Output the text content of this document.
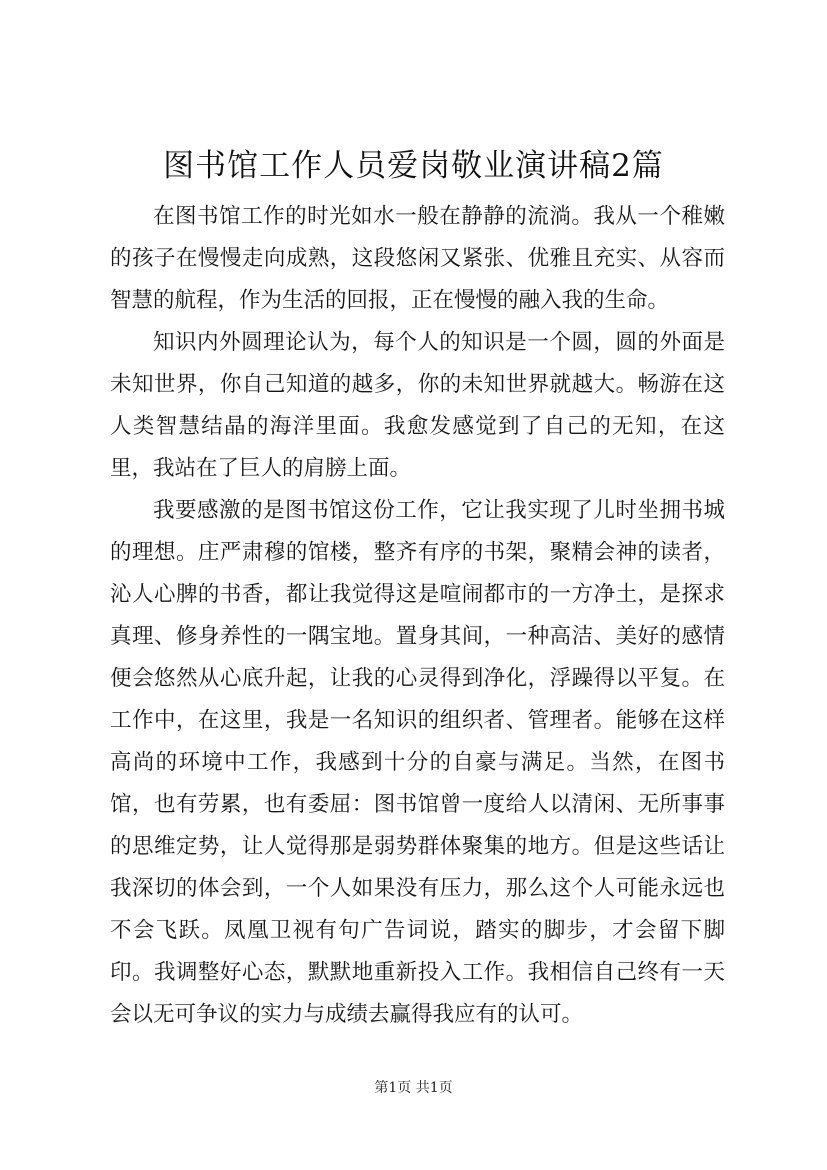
图书馆工作人员爱岗敬业演讲稿2篇

在图书馆工作的时光如水一般在静静的流淌。我从一个稚嫩的孩子在慢慢走向成熟，这段悠闲又紧张、优雅且充实、从容而智慧的航程，作为生活的回报，正在慢慢的融入我的生命。

知识内外圆理论认为，每个人的知识是一个圆，圆的外面是未知世界，你自己知道的越多，你的未知世界就越大。畅游在这人类智慧结晶的海洋里面。我愈发感觉到了自己的无知，在这里，我站在了巨人的肩膀上面。

我要感激的是图书馆这份工作，它让我实现了儿时坐拥书城的理想。庄严肃穆的馆楼，整齐有序的书架，聚精会神的读者，沁人心脾的书香，都让我觉得这是喧闹都市的一方净土，是探求真理、修身养性的一隅宝地。置身其间，一种高洁、美好的感情便会悠然从心底升起，让我的心灵得到净化，浮躁得以平复。在工作中，在这里，我是一名知识的组织者、管理者。能够在这样高尚的环境中工作，我感到十分的自豪与满足。当然，在图书馆，也有劳累，也有委屈：图书馆曾一度给人以清闲、无所事事的思维定势，让人觉得那是弱势群体聚集的地方。但是这些话让我深切的体会到，一个人如果没有压力，那么这个人可能永远也不会飞跃。凤凰卫视有句广告词说，踏实的脚步，才会留下脚印。我调整好心态，默默地重新投入工作。我相信自己终有一天会以无可争议的实力与成绩去赢得我应有的认可。

第1页 共1页
